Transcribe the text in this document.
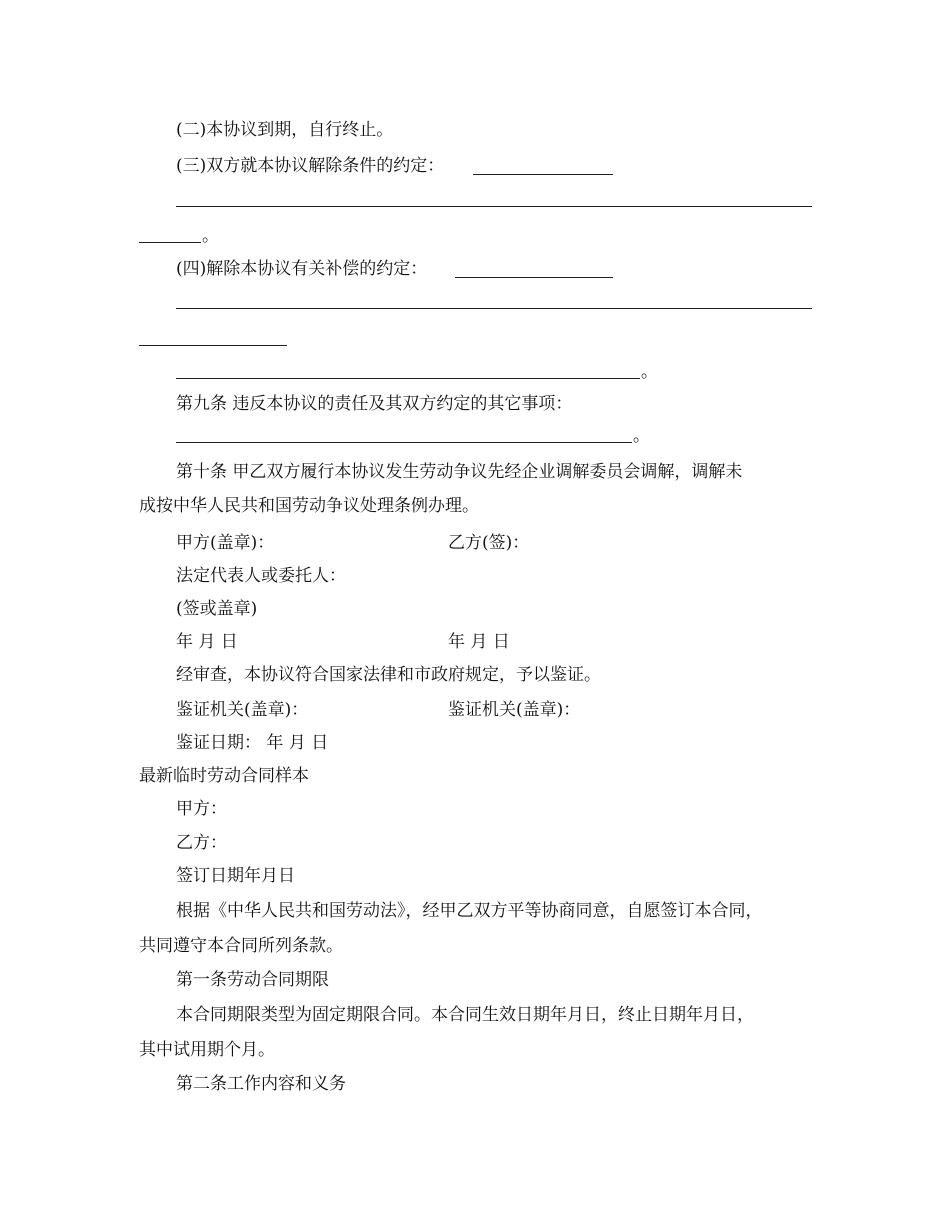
(二)本协议到期，自行终止。
(三)双方就本协议解除条件的约定：
。
(四)解除本协议有关补偿的约定：
。
第九条 违反本协议的责任及其双方约定的其它事项：
。
第十条 甲乙双方履行本协议发生劳动争议先经企业调解委员会调解，调解未
成按中华人民共和国劳动争议处理条例办理。
甲方(盖章)：	乙方(签)：
法定代表人或委托人：
(签或盖章)
年 月 日	年 月 日
经审查，本协议符合国家法律和市政府规定，予以鉴证。
鉴证机关(盖章)：	鉴证机关(盖章)：
鉴证日期： 年 月 日
最新临时劳动合同样本
甲方：
乙方：
签订日期年月日
根据《中华人民共和国劳动法》，经甲乙双方平等协商同意，自愿签订本合同，
共同遵守本合同所列条款。
第一条劳动合同期限
本合同期限类型为固定期限合同。本合同生效日期年月日，终止日期年月日，
其中试用期个月。
第二条工作内容和义务
